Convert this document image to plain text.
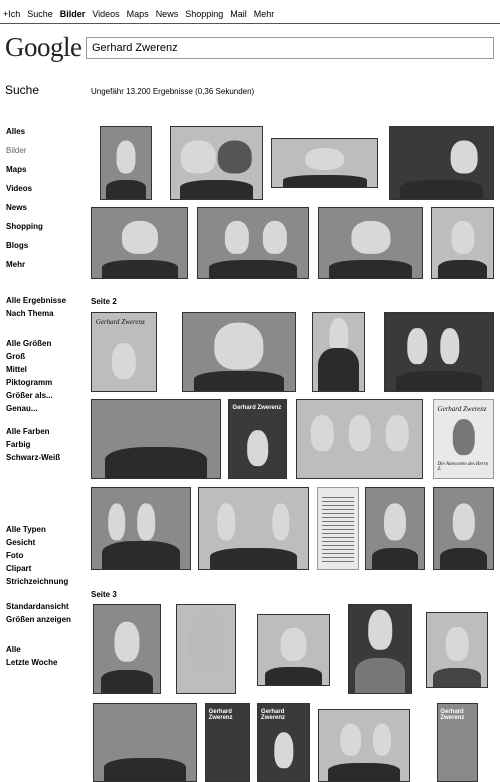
+Ich Suche Bilder Videos Maps News Shopping Mail Mehr
Google Gerhard Zwerenz
Suche	Ungefähr 13.200 Ergebnisse (0,36 Sekunden)
Alles
Bilder
Maps
Videos
News
Shopping
Blogs
Mehr
Alle Ergebnisse
Nach Thema
Alle Größen
Groß
Mittel
Piktogramm
Größer als...
Genau...
Alle Farben
Farbig
Schwarz-Weiß
Alle Typen
Gesicht
Foto
Clipart
Strichzeichnung
Standardansicht
Größen anzeigen
Alle
Letzte Woche
Seite 2
Seite 3
Gerhard Zwerenz
Gerhard Zwerenz	Gerhard Zwerenz
Die Antworten des Herrn Z.
Gerhard Zwerenz
Gerhard Zwerenz
Gerhard Zwerenz
